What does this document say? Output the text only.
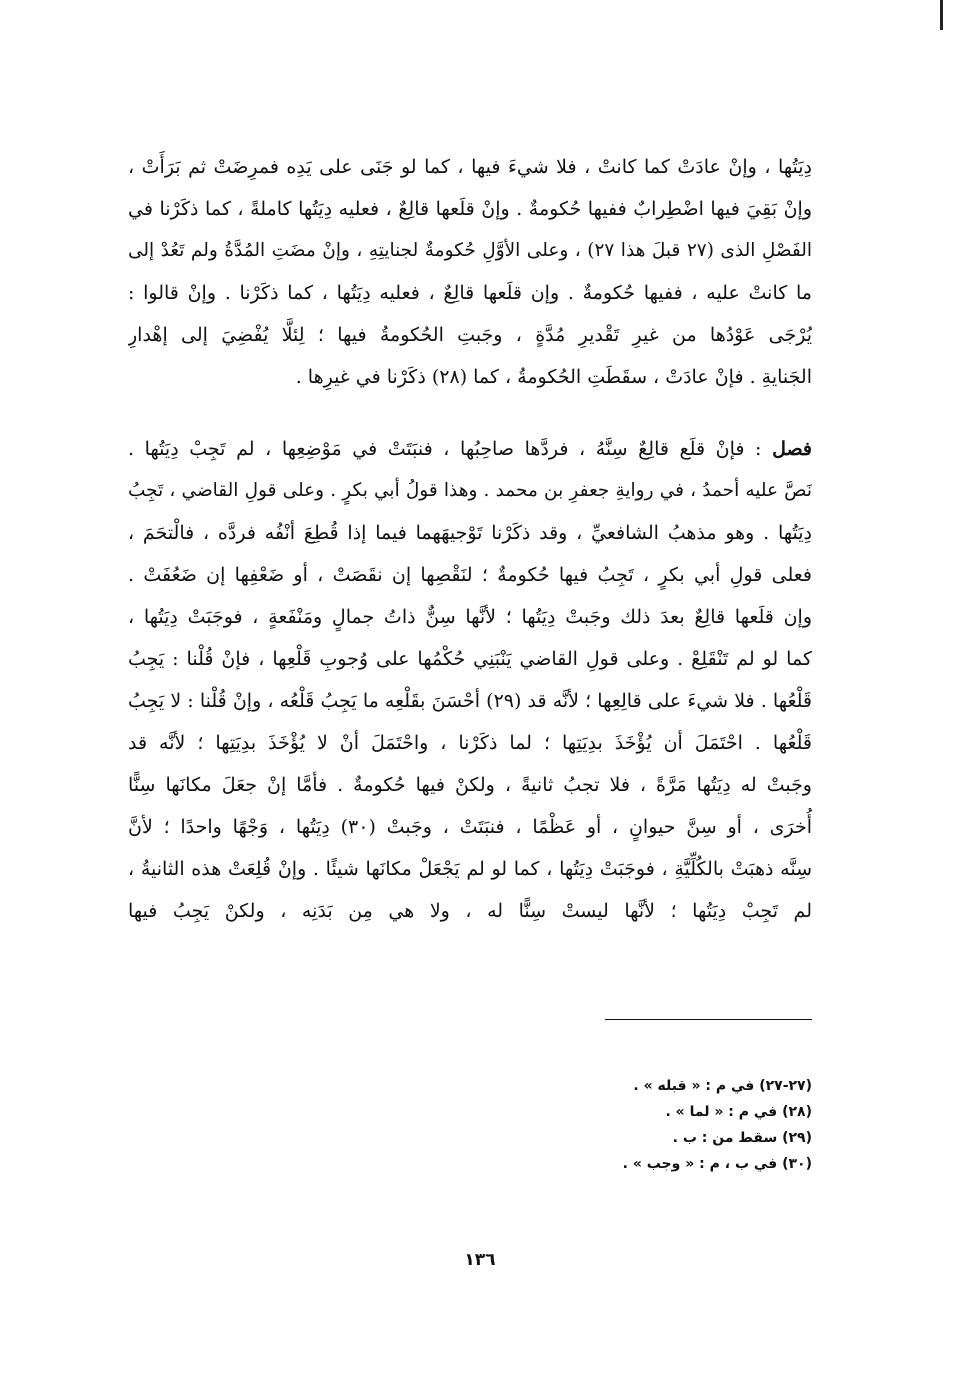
دِيَتُها ، وإنْ عادَتْ كما كانتْ ، فلا شيءَ فيها ، كما لو جَنَى على يَدِه فمرِضَتْ ثم بَرَأَتْ ،
وإنْ بَقِيَ فيها اضْطِرابٌ ففيها حُكومةٌ . وإنْ قلَعها قالِعٌ ، فعليه دِيَتُها كاملةً ، كما ذكَرْنا في
الفَصْلِ الذى (٢٧ قبلَ هذا ٢٧) ، وعلى الأوَّلِ حُكومةٌ لجنايتِهِ ، وإنْ مضَتِ المُدَّةُ ولم تَعُدْ إلى
ما كانتْ عليه ، ففيها حُكومةٌ . وإن قلَعها قالِعٌ ، فعليه دِيَتُها ، كما ذكَرْنا . وإنْ قالوا :
يُرْجَى عَوْدُها من غيرِ تَقْديرِ مُدَّةٍ ، وجَبتِ الحُكومةُ فيها ؛ لِئلَّا يُفْضِيَ إلى إهْدارِ
الجَنايةِ . فإنْ عادَتْ ، سقَطَتِ الحُكومةُ ، كما (٢٨) ذكَرْنا في غيرِها .
فصل : فإنْ قلَع قالِعٌ سِنَّهُ ، فردَّها صاحِبُها ، فنبَتَتْ في مَوْضِعِها ، لم تَجِبْ دِيَتُها .
نَصَّ عليه أحمدُ ، في روايةِ جعفرِ بن محمد . وهذا قولُ أبي بكرٍ . وعلى قولِ القاضي ، تَجِبُ
دِيَتُها . وهو مذهبُ الشافعيِّ ، وقد ذكَرْنا تَوْجيهَهما فيما إذا قُطِعَ أنْفُه فردَّه ، فالْتحَمَ ،
فعلى قولِ أبي بكرٍ ، تَجِبُ فيها حُكومةٌ ؛ لنَقْصِها إن نقَصَتْ ، أو ضَعْفِها إن ضَعُفَتْ .
وإن قلَعها قالِعٌ بعدَ ذلك وجَبتْ دِيَتُها ؛ لأنَّها سِنٌّ ذاتُ جمالٍ ومَنْفَعةٍ ، فوجَبَتْ دِيَتُها ،
كما لو لم تَنْقَلِعْ . وعلى قولِ القاضي يَنْبَنِي حُكْمُها على وُجوبِ قَلْعِها ، فإنْ قُلْنا : يَجِبُ
قَلْعُها . فلا شيءَ على قالِعِها ؛ لأنَّه قد (٢٩) أحْسَنَ بقَلْعِه ما يَجِبُ قَلْعُه ، وإنْ قُلْنا : لا يَجِبُ
قَلْعُها . احْتَمَلَ أن يُؤْخَذَ بدِيَتِها ؛ لما ذكَرْنا ، واحْتَمَلَ أنْ لا يُؤْخَذَ بدِيَتِها ؛ لأنَّه قد
وجَبتْ له دِيَتُها مَرَّةً ، فلا تجبُ ثانيةً ، ولكنْ فيها حُكومةٌ . فأمَّا إنْ جعَلَ مكانَها سِنًّا
أُخرَى ، أو سِنَّ حيوانٍ ، أو عَظْمًا ، فنبَتَتْ ، وجَبتْ (٣٠) دِيَتُها ، وَجْهًا واحدًا ؛ لأنَّ
سِنَّه ذهبَتْ بالكُلِّيَّةِ ، فوجَبَتْ دِيَتُها ، كما لو لم يَجْعَلْ مكانَها شيئًا . وإنْ قُلِعَتْ هذه الثانيةُ ،
لم تَجِبْ دِيَتُها ؛ لأنَّها ليستْ سِنًّا له ، ولا هي مِن بَدَنِه ، ولكنْ يَجِبُ فيها
(٢٧-٢٧) في م : « قبله » .
(٢٨) في م : « لما » .
(٢٩) سقط من : ب .
(٣٠) في ب ، م : « وجب » .
١٣٦
